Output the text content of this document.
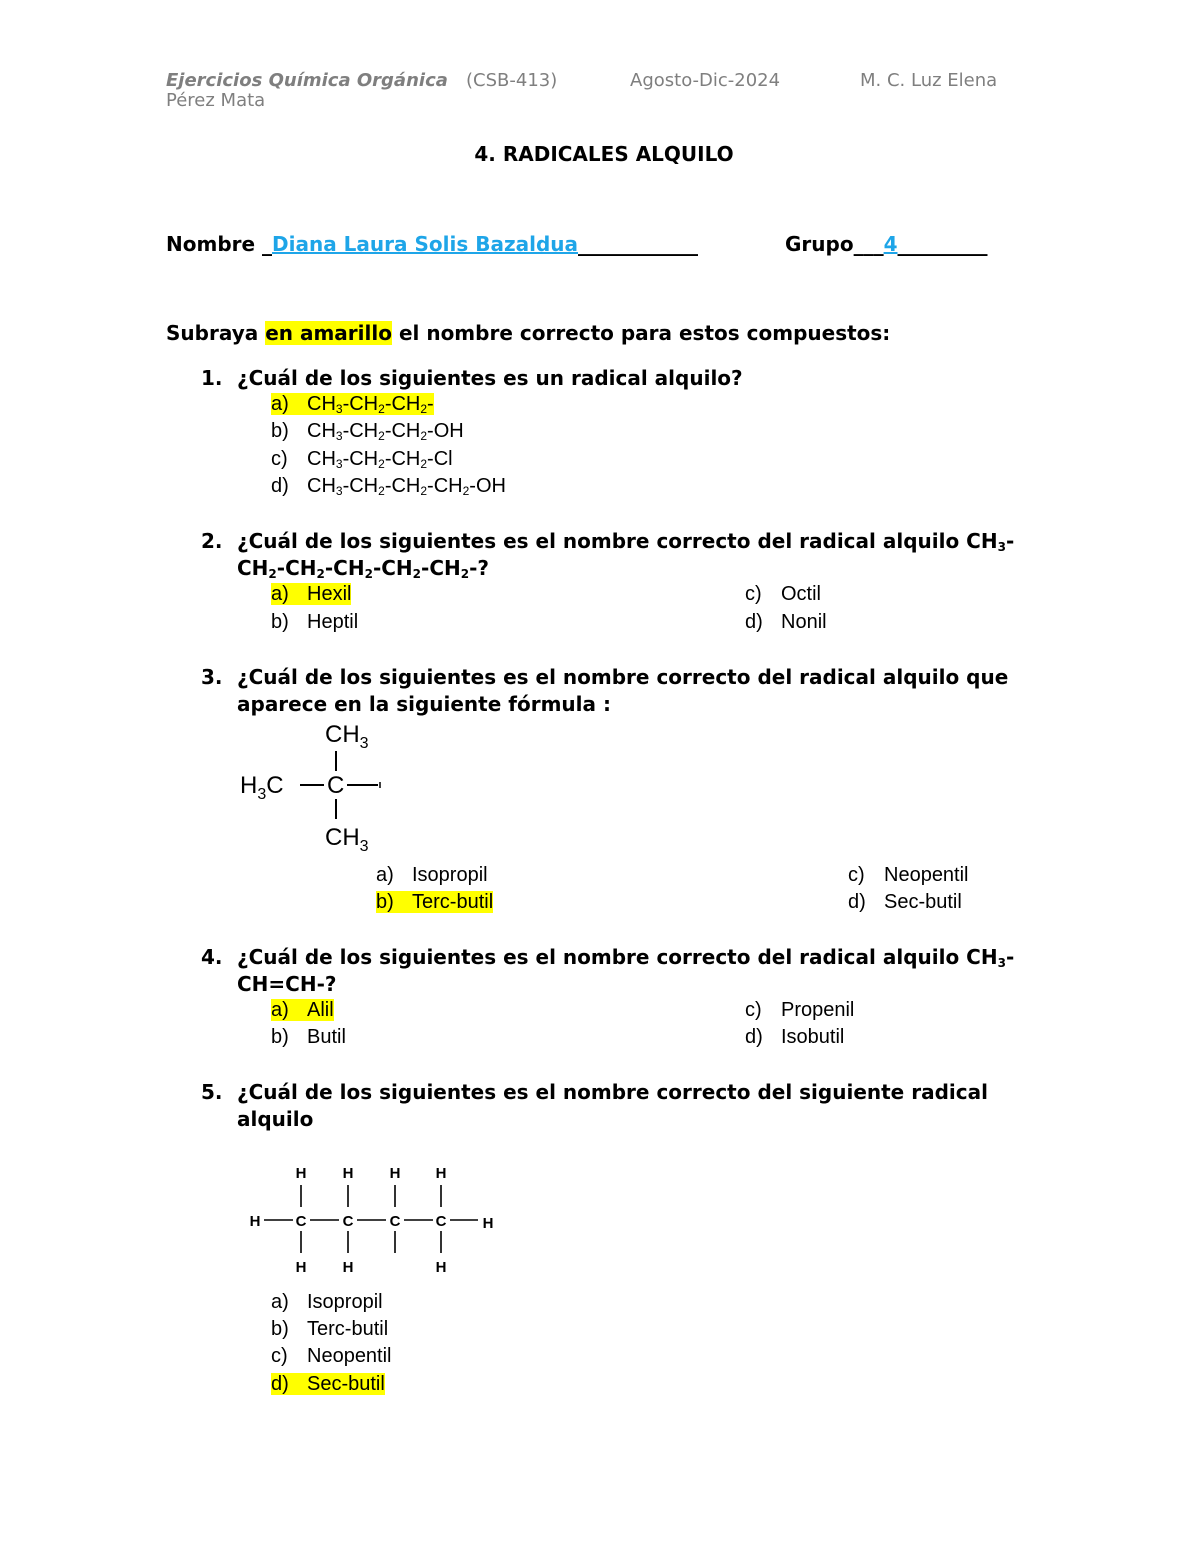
Ejercicios Química Orgánica (CSB-413)	Agosto-Dic-2024	M. C. Luz Elena
Pérez Mata
4. RADICALES ALQUILO
Nombre _Diana Laura Solis Bazaldua____________	Grupo___4_________
Subraya en amarillo el nombre correcto para estos compuestos:
1. ¿Cuál de los siguientes es un radical alquilo?
a) $CH_3-CH_2-CH_2-$
b) $CH_3-CH_2-CH_2-OH$
c) $CH_3-CH_2-CH_2-Cl$
d) $CH_3-CH_2-CH_2-CH_2-OH$
2. ¿Cuál de los siguientes es el nombre correcto del radical alquilo $CH_3-$
$CH_2-CH_2-CH_2-CH_2-CH_2-$?
a) Hexil
b) Heptil
c) Octil
d) Nonil
3. ¿Cuál de los siguientes es el nombre correcto del radical alquilo que
aparece en la siguiente fórmula :
$CH_3$
$H_3C$ C
$CH_3$
a) Isopropil
b) Terc-butil
c) Neopentil
d) Sec-butil
4. ¿Cuál de los siguientes es el nombre correcto del radical alquilo $CH_3-$
CH=CH-?
a) Alil
b) Butil
c) Propenil
d) Isobutil
5. ¿Cuál de los siguientes es el nombre correcto del siguiente radical
alquilo
H H H H
H C C C C H
H H	H
a) Isopropil
b) Terc-butil
c) Neopentil
d) Sec-butil
